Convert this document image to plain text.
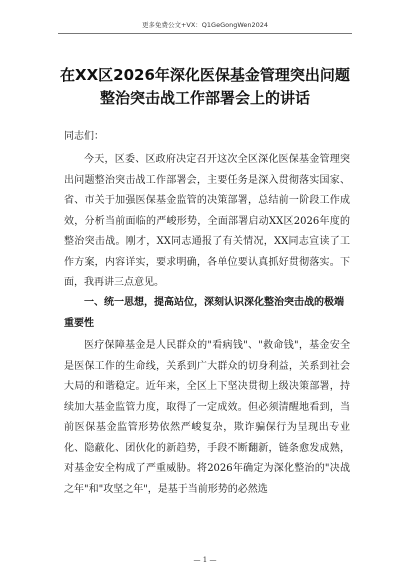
更多免费公文+VX：Q1GeGongWen2024
在XX区2026年深化医保基金管理突出问题整治突击战工作部署会上的讲话
同志们：

今天，区委、区政府决定召开这次全区深化医保基金管理突出问题整治突击战工作部署会，主要任务是深入贯彻落实国家、省、市关于加强医保基金监管的决策部署，总结前一阶段工作成效，分析当前面临的严峻形势，全面部署启动XX区2026年度的整治突击战。刚才，XX同志通报了有关情况，XX同志宣读了工作方案，内容详实，要求明确，各单位要认真抓好贯彻落实。下面，我再讲三点意见。

一、统一思想，提高站位，深刻认识深化整治突击战的极端重要性

医疗保障基金是人民群众的"看病钱"、"救命钱"，基金安全是医保工作的生命线，关系到广大群众的切身利益，关系到社会大局的和谐稳定。近年来，全区上下坚决贯彻上级决策部署，持续加大基金监管力度，取得了一定成效。但必须清醒地看到，当前医保基金监管形势依然严峻复杂，欺诈骗保行为呈现出专业化、隐蔽化、团伙化的新趋势，手段不断翻新，链条愈发成熟，对基金安全构成了严重威胁。将2026年确定为深化整治的"决战之年"和"攻坚之年"，是基于当前形势的必然选

— 1 —
